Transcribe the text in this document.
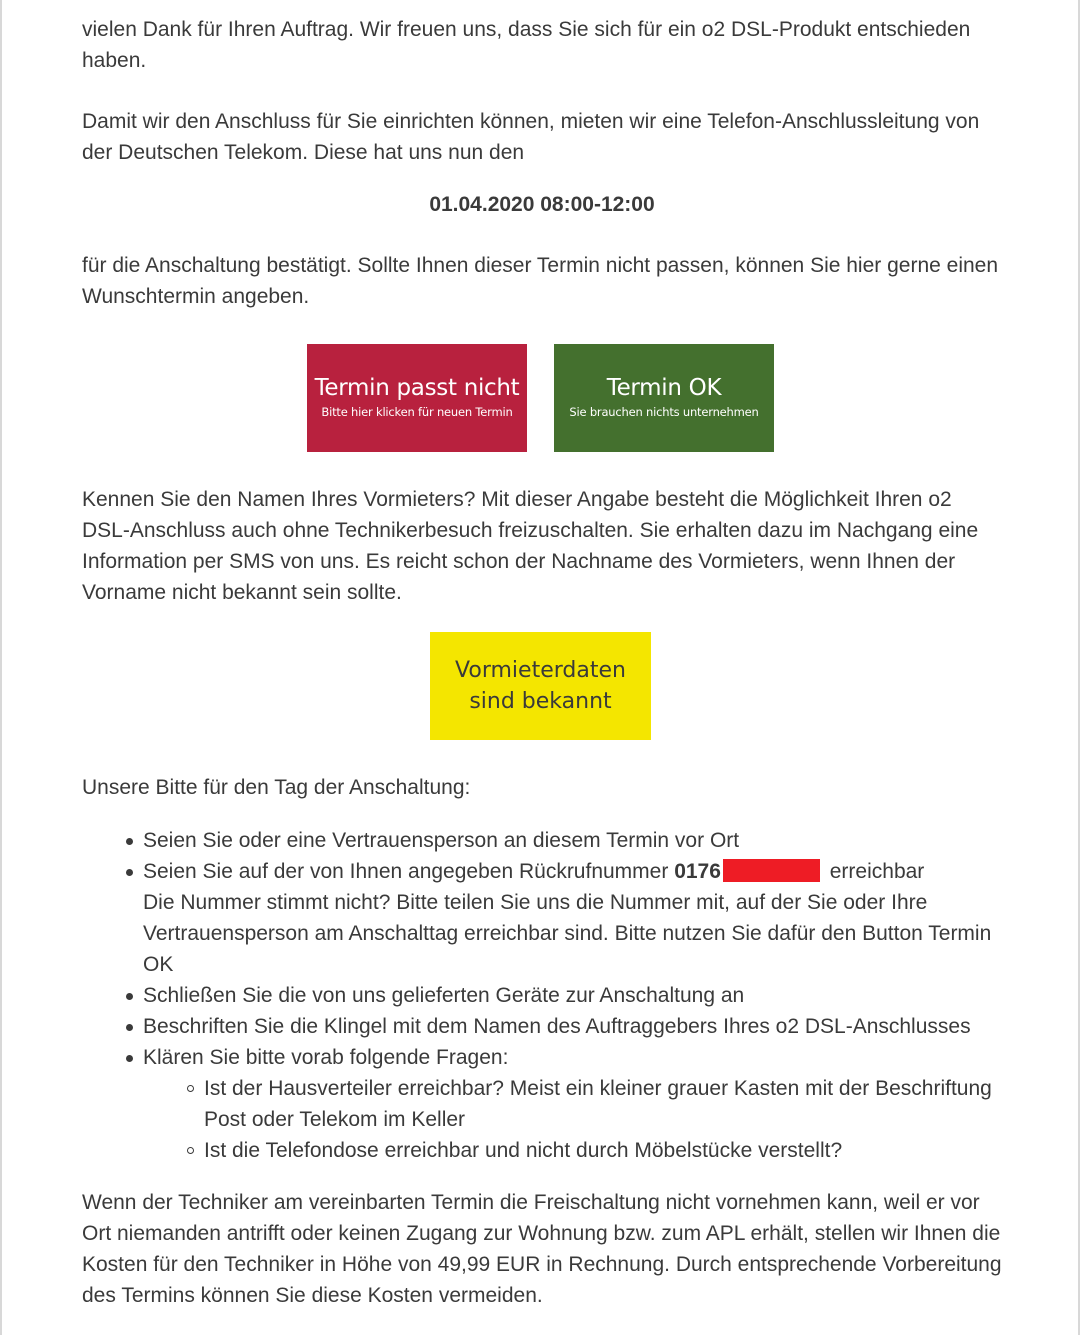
vielen Dank für Ihren Auftrag. Wir freuen uns, dass Sie sich für ein o2 DSL-Produkt entschieden haben.

Damit wir den Anschluss für Sie einrichten können, mieten wir eine Telefon-Anschlussleitung von der Deutschen Telekom. Diese hat uns nun den

01.04.2020 08:00-12:00

für die Anschaltung bestätigt. Sollte Ihnen dieser Termin nicht passen, können Sie hier gerne einen Wunschtermin angeben.

Termin passt nicht
Bitte hier klicken für neuen Termin
Termin OK
Sie brauchen nichts unternehmen

Kennen Sie den Namen Ihres Vormieters? Mit dieser Angabe besteht die Möglichkeit Ihren o2 DSL-Anschluss auch ohne Technikerbesuch freizuschalten. Sie erhalten dazu im Nachgang eine Information per SMS von uns. Es reicht schon der Nachname des Vormieters, wenn Ihnen der Vorname nicht bekannt sein sollte.

Vormieterdaten
sind bekannt

Unsere Bitte für den Tag der Anschaltung:

Seien Sie oder eine Vertrauensperson an diesem Termin vor Ort
Seien Sie auf der von Ihnen angegeben Rückrufnummer 0176	erreichbar
Die Nummer stimmt nicht? Bitte teilen Sie uns die Nummer mit, auf der Sie oder Ihre Vertrauensperson am Anschalttag erreichbar sind. Bitte nutzen Sie dafür den Button Termin OK
Schließen Sie die von uns gelieferten Geräte zur Anschaltung an
Beschriften Sie die Klingel mit dem Namen des Auftraggebers Ihres o2 DSL-Anschlusses
Klären Sie bitte vorab folgende Fragen:
Ist der Hausverteiler erreichbar? Meist ein kleiner grauer Kasten mit der Beschriftung Post oder Telekom im Keller
Ist die Telefondose erreichbar und nicht durch Möbelstücke verstellt?

Wenn der Techniker am vereinbarten Termin die Freischaltung nicht vornehmen kann, weil er vor Ort niemanden antrifft oder keinen Zugang zur Wohnung bzw. zum APL erhält, stellen wir Ihnen die Kosten für den Techniker in Höhe von 49,99 EUR in Rechnung. Durch entsprechende Vorbereitung des Termins können Sie diese Kosten vermeiden.
